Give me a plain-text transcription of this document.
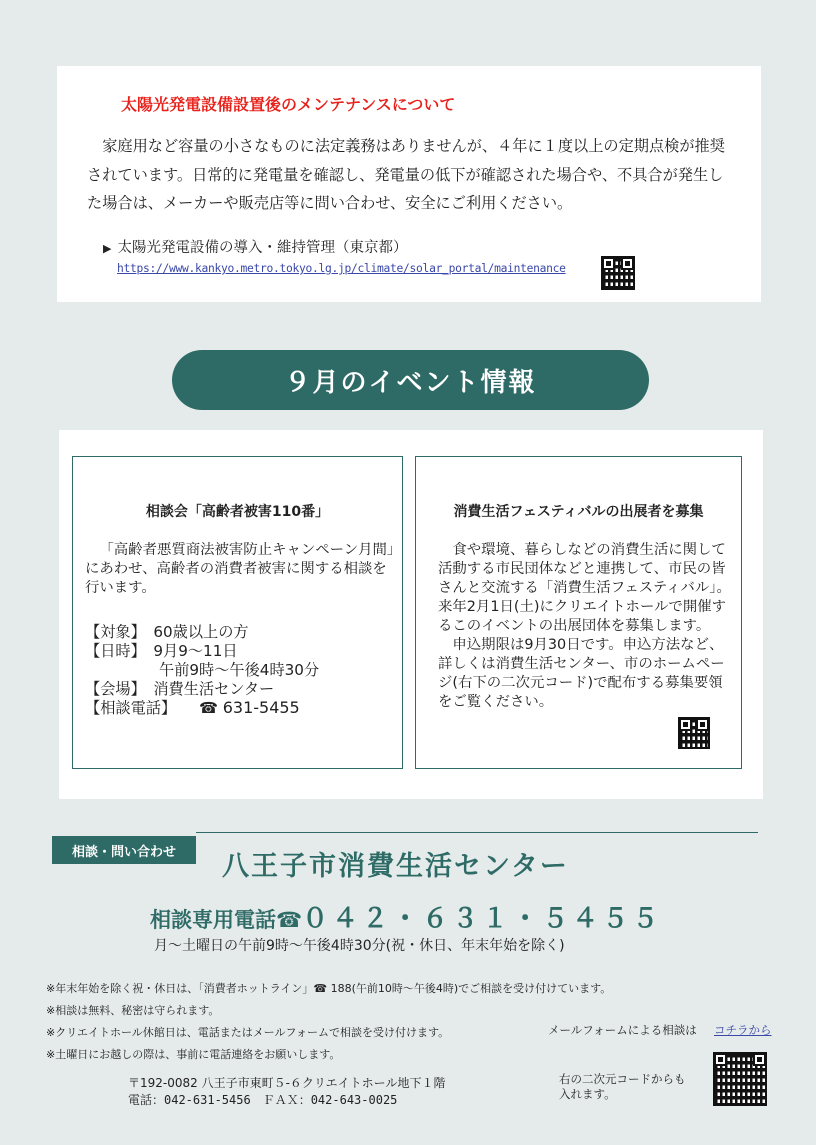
太陽光発電設備設置後のメンテナンスについて
家庭用など容量の小さなものに法定義務はありませんが、４年に１度以上の定期点検が推奨されています。日常的に発電量を確認し、発電量の低下が確認された場合や、不具合が発生した場合は、メーカーや販売店等に問い合わせ、安全にご利用ください。
▶ 太陽光発電設備の導入・維持管理（東京都）
https://www.kankyo.metro.tokyo.lg.jp/climate/solar_portal/maintenance
９月のイベント情報
相談会「高齢者被害110番」
「高齢者悪質商法被害防止キャンペーン月間」にあわせ、高齢者の消費者被害に関する相談を行います。
【対象】　60歳以上の方
【日時】　9月9～11日
午前9時～午後4時30分
【会場】　消費生活センター
【相談電話】 ☎ 631-5455
消費生活フェスティバルの出展者を募集

食や環境、暮らしなどの消費生活に関して活動する市民団体などと連携して、市民の皆さんと交流する「消費生活フェスティバル」。来年2月1日(土)にクリエイトホールで開催するこのイベントの出展団体を募集します。

申込期限は9月30日です。申込方法など、詳しくは消費生活センター、市のホームページ(右下の二次元コード)で配布する募集要領をご覧ください。

相談・問い合わせ	八王子市消費生活センター
相談専用電話☎０４２・６３１・５４５５
月～土曜日の午前9時～午後4時30分(祝・休日、年末年始を除く)
※年末年始を除く祝・休日は、「消費者ホットライン」☎ 188(午前10時～午後4時)でご相談を受け付けています。
※相談は無料、秘密は守られます。
※クリエイトホール休館日は、電話またはメールフォームで相談を受け付けます。
※土曜日にお越しの際は、事前に電話連絡をお願いします。
メールフォームによる相談は コチラから
〒192-0082 八王子市東町５-６クリエイトホール地下１階
電話：042-631-5456　ＦＡＸ：042-643-0025
右の二次元コードからも入れます。
